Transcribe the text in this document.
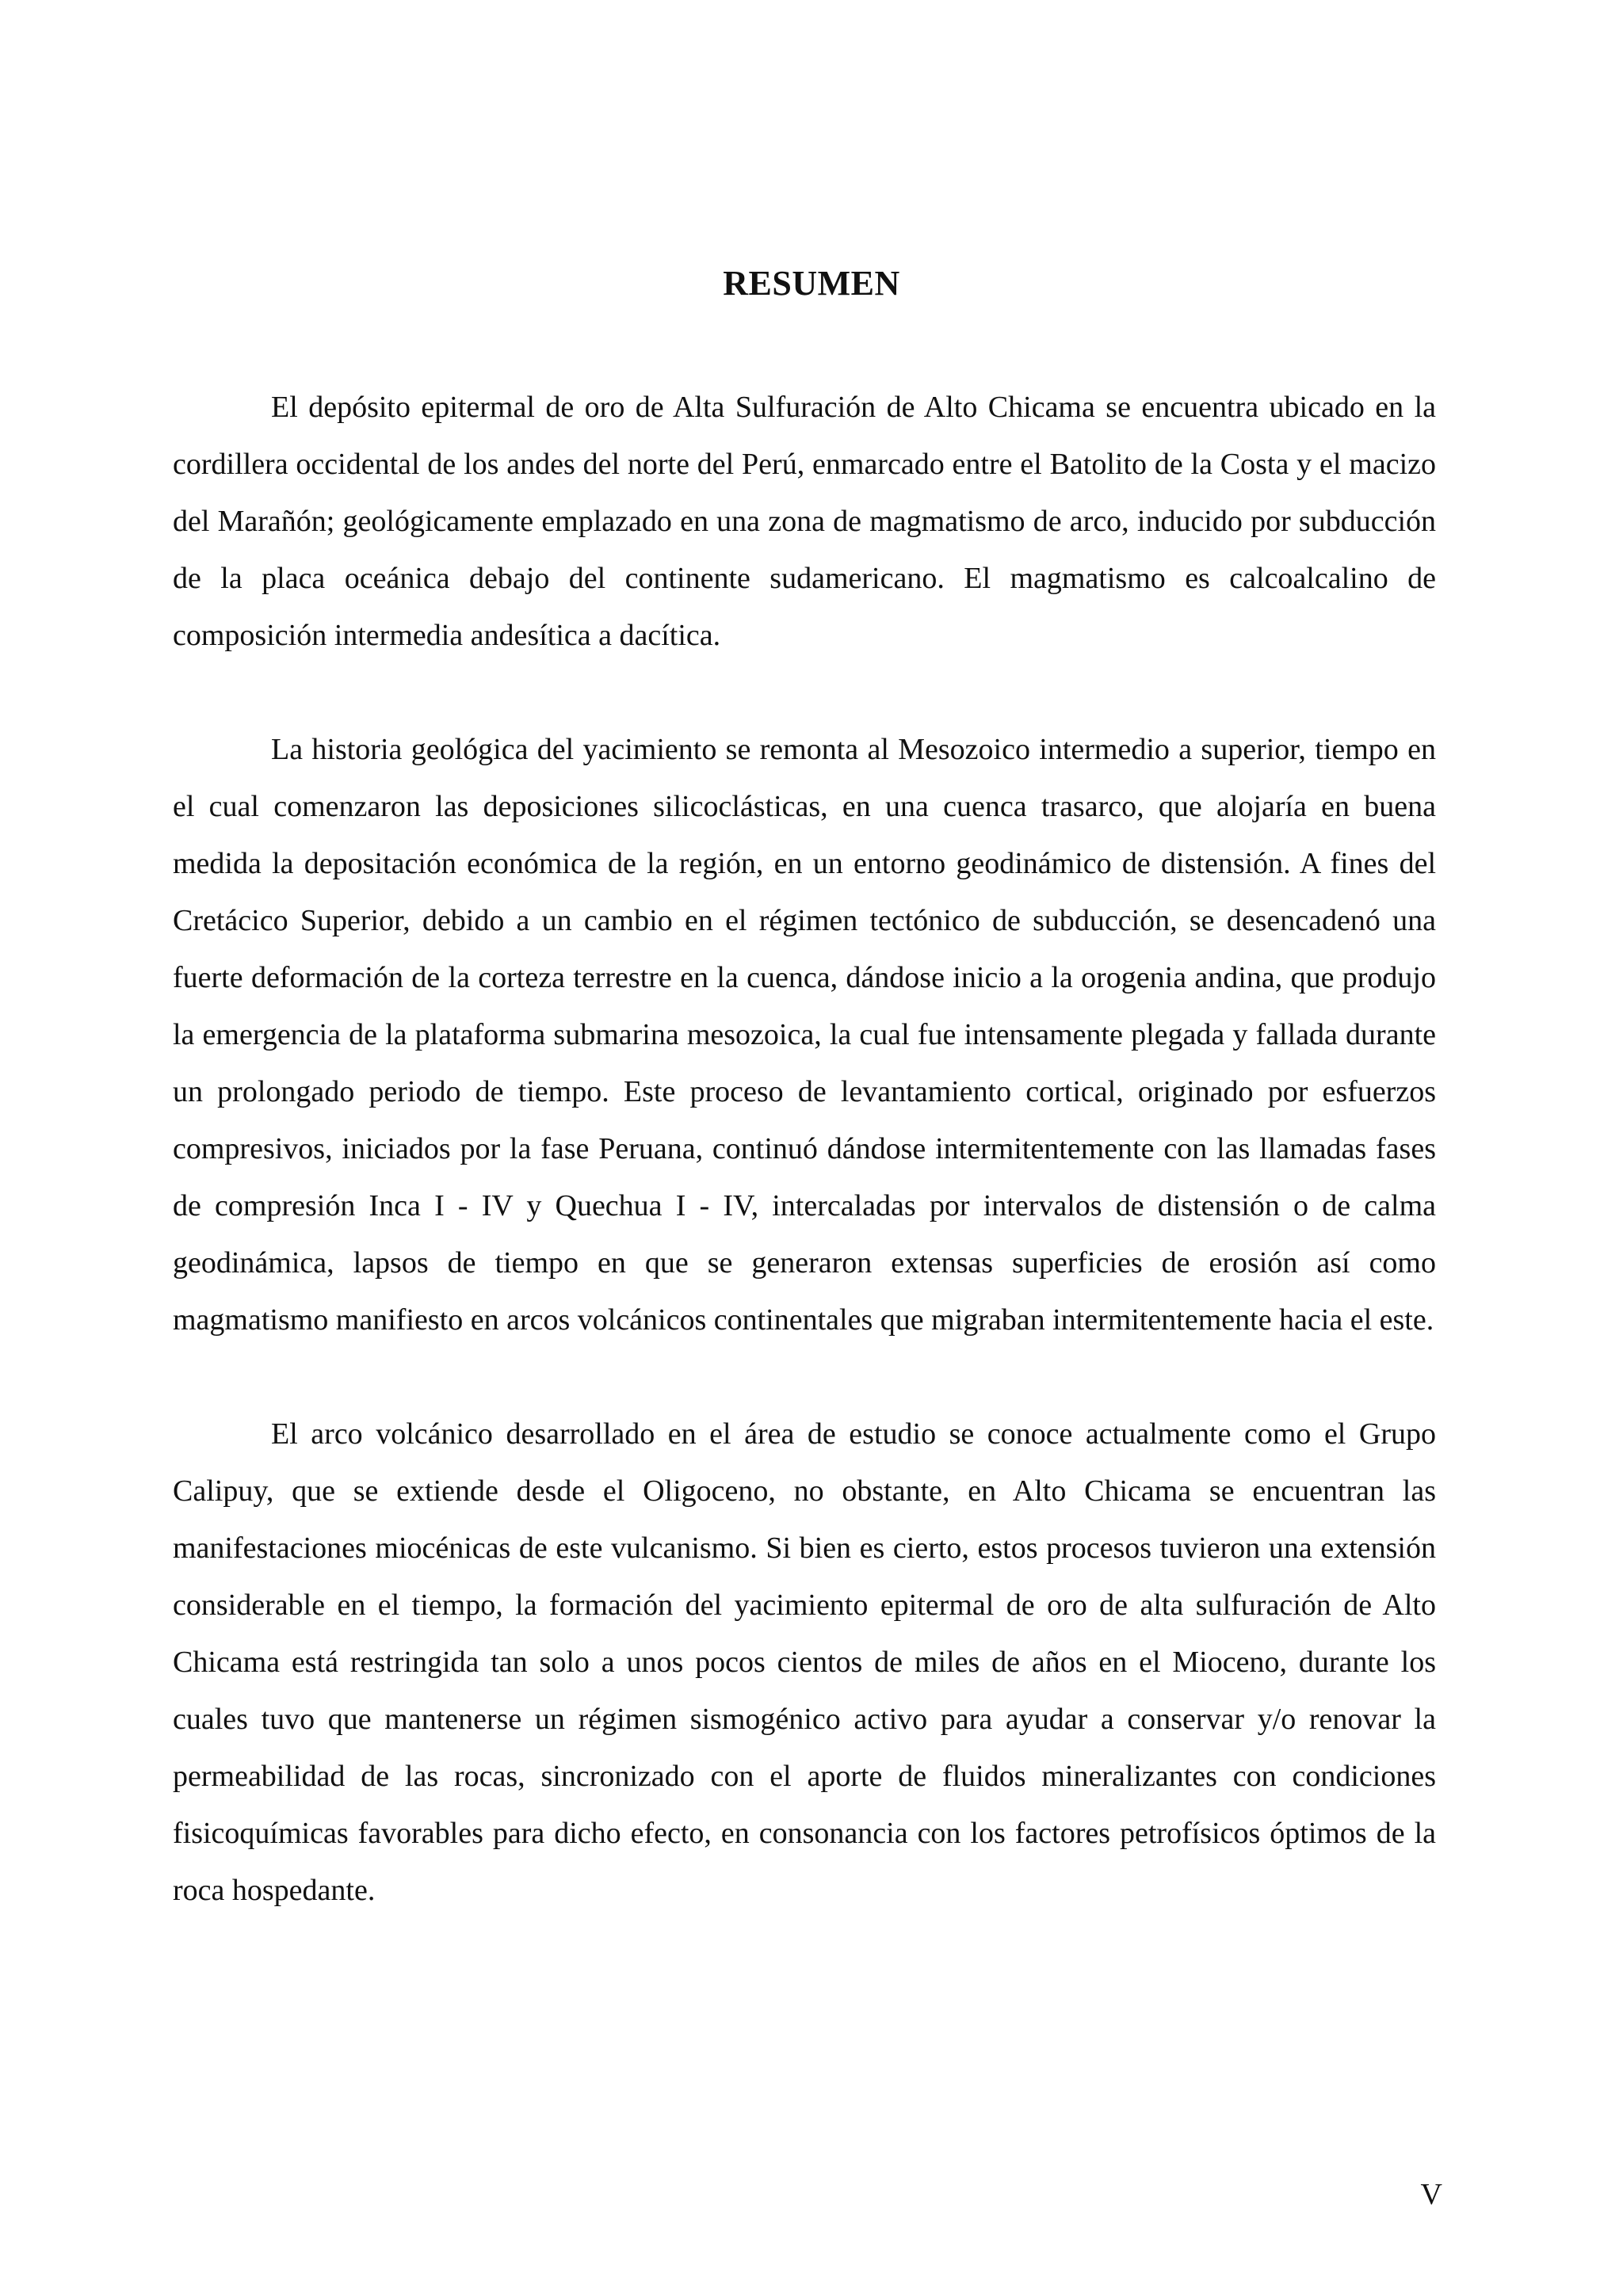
RESUMEN

El depósito epitermal de oro de Alta Sulfuración de Alto Chicama se encuentra ubicado en la cordillera occidental de los andes del norte del Perú, enmarcado entre el Batolito de la Costa y el macizo del Marañón; geológicamente emplazado en una zona de magmatismo de arco, inducido por subducción de la placa oceánica debajo del continente sudamericano. El magmatismo es calcoalcalino de composición intermedia andesítica a dacítica.

La historia geológica del yacimiento se remonta al Mesozoico intermedio a superior, tiempo en el cual comenzaron las deposiciones silicoclásticas, en una cuenca trasarco, que alojaría en buena medida la depositación económica de la región, en un entorno geodinámico de distensión. A fines del Cretácico Superior, debido a un cambio en el régimen tectónico de subducción, se desencadenó una fuerte deformación de la corteza terrestre en la cuenca, dándose inicio a la orogenia andina, que produjo la emergencia de la plataforma submarina mesozoica, la cual fue intensamente plegada y fallada durante un prolongado periodo de tiempo. Este proceso de levantamiento cortical, originado por esfuerzos compresivos, iniciados por la fase Peruana, continuó dándose intermitentemente con las llamadas fases de compresión Inca I - IV y Quechua I - IV, intercaladas por intervalos de distensión o de calma geodinámica, lapsos de tiempo en que se generaron extensas superficies de erosión así como magmatismo manifiesto en arcos volcánicos continentales que migraban intermitentemente hacia el este.

El arco volcánico desarrollado en el área de estudio se conoce actualmente como el Grupo Calipuy, que se extiende desde el Oligoceno, no obstante, en Alto Chicama se encuentran las manifestaciones miocénicas de este vulcanismo. Si bien es cierto, estos procesos tuvieron una extensión considerable en el tiempo, la formación del yacimiento epitermal de oro de alta sulfuración de Alto Chicama está restringida tan solo a unos pocos cientos de miles de años en el Mioceno, durante los cuales tuvo que mantenerse un régimen sismogénico activo para ayudar a conservar y/o renovar la permeabilidad de las rocas, sincronizado con el aporte de fluidos mineralizantes con condiciones fisicoquímicas favorables para dicho efecto, en consonancia con los factores petrofísicos óptimos de la roca hospedante.

V
